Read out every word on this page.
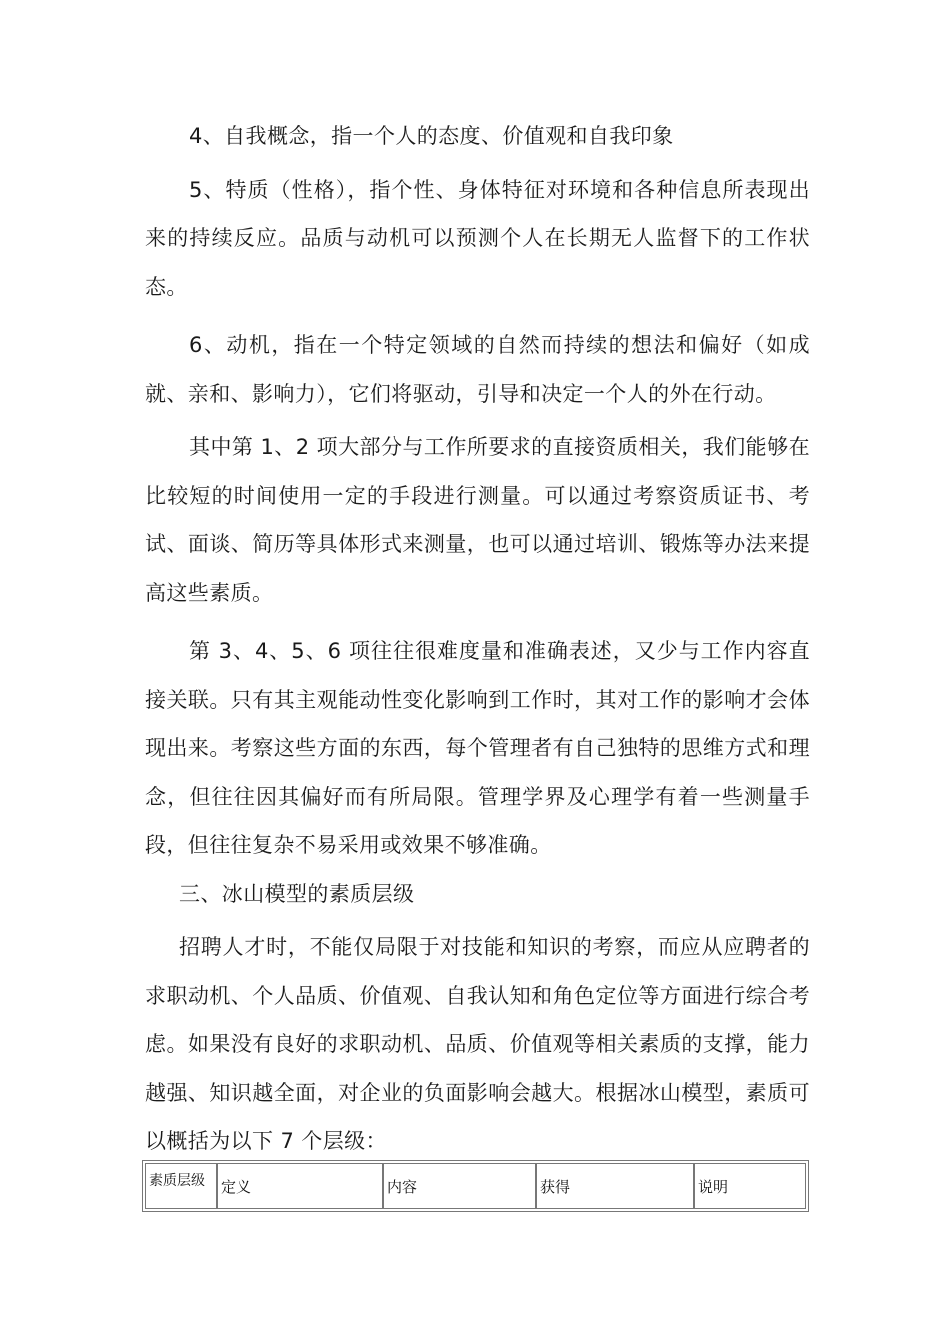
4、自我概念，指一个人的态度、价值观和自我印象

5、特质（性格），指个性、身体特征对环境和各种信息所表现出来的持续反应。品质与动机可以预测个人在长期无人监督下的工作状态。

6、动机，指在一个特定领域的自然而持续的想法和偏好（如成就、亲和、影响力），它们将驱动，引导和决定一个人的外在行动。

其中第 1、2 项大部分与工作所要求的直接资质相关，我们能够在比较短的时间使用一定的手段进行测量。可以通过考察资质证书、考试、面谈、简历等具体形式来测量，也可以通过培训、锻炼等办法来提高这些素质。

第 3、4、5、6 项往往很难度量和准确表述，又少与工作内容直接关联。只有其主观能动性变化影响到工作时，其对工作的影响才会体现出来。考察这些方面的东西，每个管理者有自己独特的思维方式和理念，但往往因其偏好而有所局限。管理学界及心理学有着一些测量手段，但往往复杂不易采用或效果不够准确。

三、冰山模型的素质层级

招聘人才时，不能仅局限于对技能和知识的考察，而应从应聘者的求职动机、个人品质、价值观、自我认知和角色定位等方面进行综合考虑。如果没有良好的求职动机、品质、价值观等相关素质的支撑，能力越强、知识越全面，对企业的负面影响会越大。根据冰山模型，素质可以概括为以下 7 个层级：

素质层级	定义	内容	获得	说明
